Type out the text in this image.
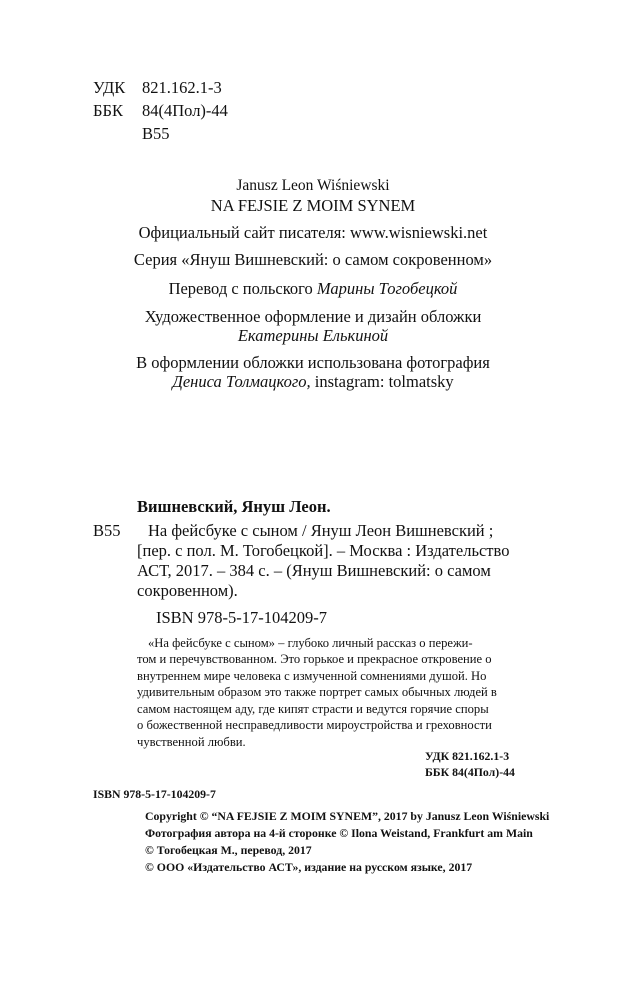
УДК 821.162.1-3
ББК 84(4Пол)-44
В55
Janusz Leon Wiśniewski
NA FEJSIE Z MOIM SYNEM
Официальный сайт писателя: www.wisniewski.net
Серия «Януш Вишневский: о самом сокровенном»
Перевод с польского Марины Тогобецкой
Художественное оформление и дизайн обложки
Екатерины Елькиной
В оформлении обложки использована фотография
Дениса Толмацкого, instagram: tolmatsky
Вишневский, Януш Леон.
В55 На фейсбуке с сыном / Януш Леон Вишневский ;
[пер. с пол. М. Тогобецкой]. – Москва : Издательство
АСТ, 2017. – 384 с. – (Януш Вишневский: о самом
сокровенном).
ISBN 978-5-17-104209-7
«На фейсбуке с сыном» – глубоко личный рассказ о пережи-
том и перечувствованном. Это горькое и прекрасное откровение о
внутреннем мире человека с измученной сомнениями душой. Но
удивительным образом это также портрет самых обычных людей в
самом настоящем аду, где кипят страсти и ведутся горячие споры
о божественной несправедливости мироустройства и греховности
чувственной любви.
УДК 821.162.1-3
ББК 84(4Пол)-44
ISBN 978-5-17-104209-7
Copyright © “NA FEJSIE Z MOIM SYNEM”, 2017 by Janusz Leon Wiśniewski
Фотография автора на 4-й сторонке © Ilona Weistand, Frankfurt am Main
© Тогобецкая М., перевод, 2017
© ООО «Издательство АСТ», издание на русском языке, 2017
